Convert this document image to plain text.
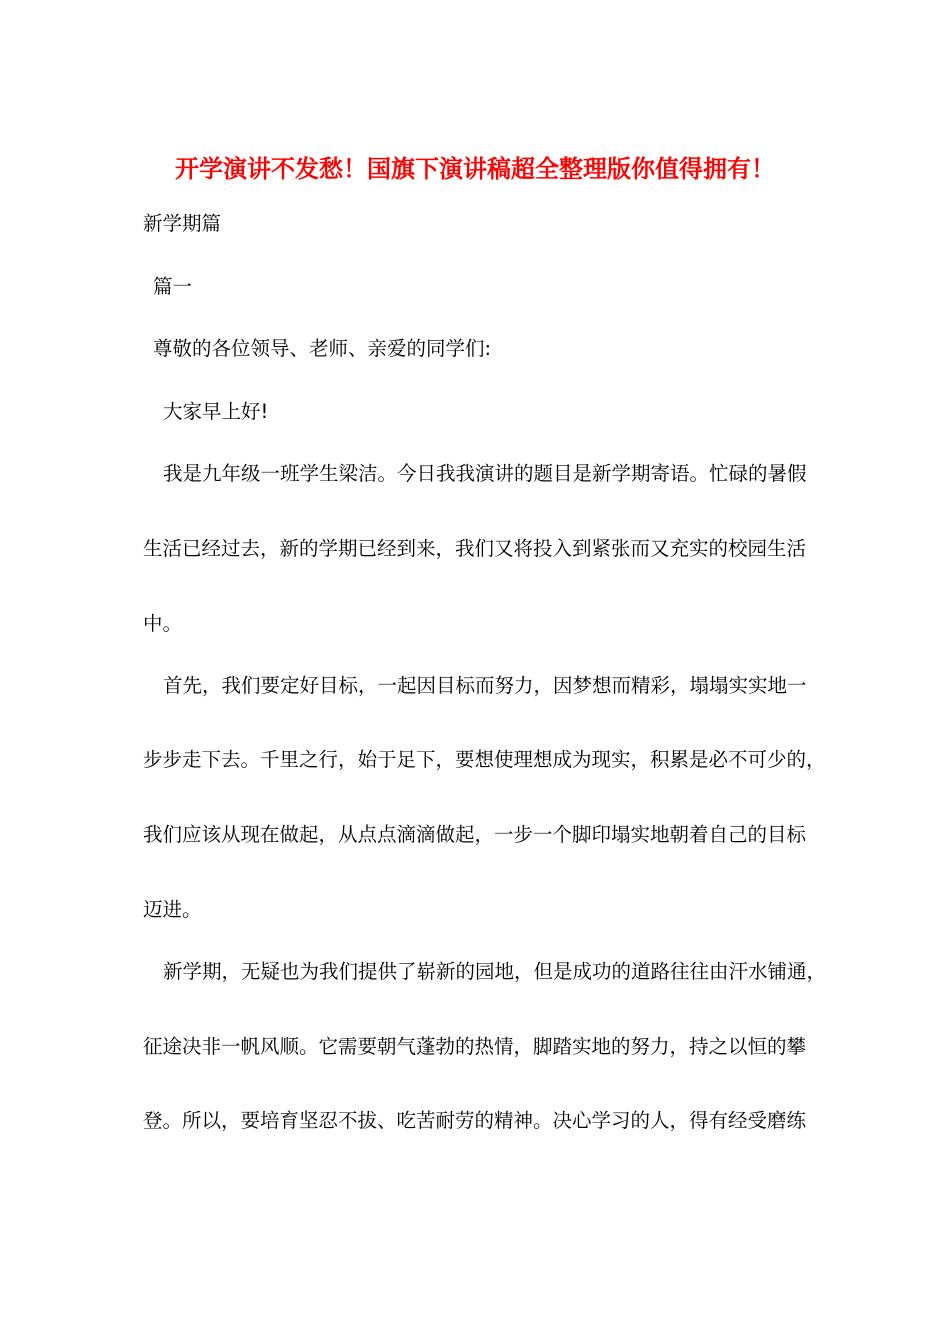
开学演讲不发愁！国旗下演讲稿超全整理版你值得拥有！
新学期篇
篇一
尊敬的各位领导、老师、亲爱的同学们:
大家早上好!
我是九年级一班学生梁洁。今日我我演讲的题目是新学期寄语。忙碌的暑假
生活已经过去，新的学期已经到来，我们又将投入到紧张而又充实的校园生活
中。
首先，我们要定好目标，一起因目标而努力，因梦想而精彩，塌塌实实地一
步步走下去。千里之行，始于足下，要想使理想成为现实，积累是必不可少的，
我们应该从现在做起，从点点滴滴做起，一步一个脚印塌实地朝着自己的目标
迈进。
新学期，无疑也为我们提供了崭新的园地，但是成功的道路往往由汗水铺通，
征途决非一帆风顺。它需要朝气蓬勃的热情，脚踏实地的努力，持之以恒的攀
登。所以，要培育坚忍不拔、吃苦耐劳的精神。决心学习的人，得有经受磨练
